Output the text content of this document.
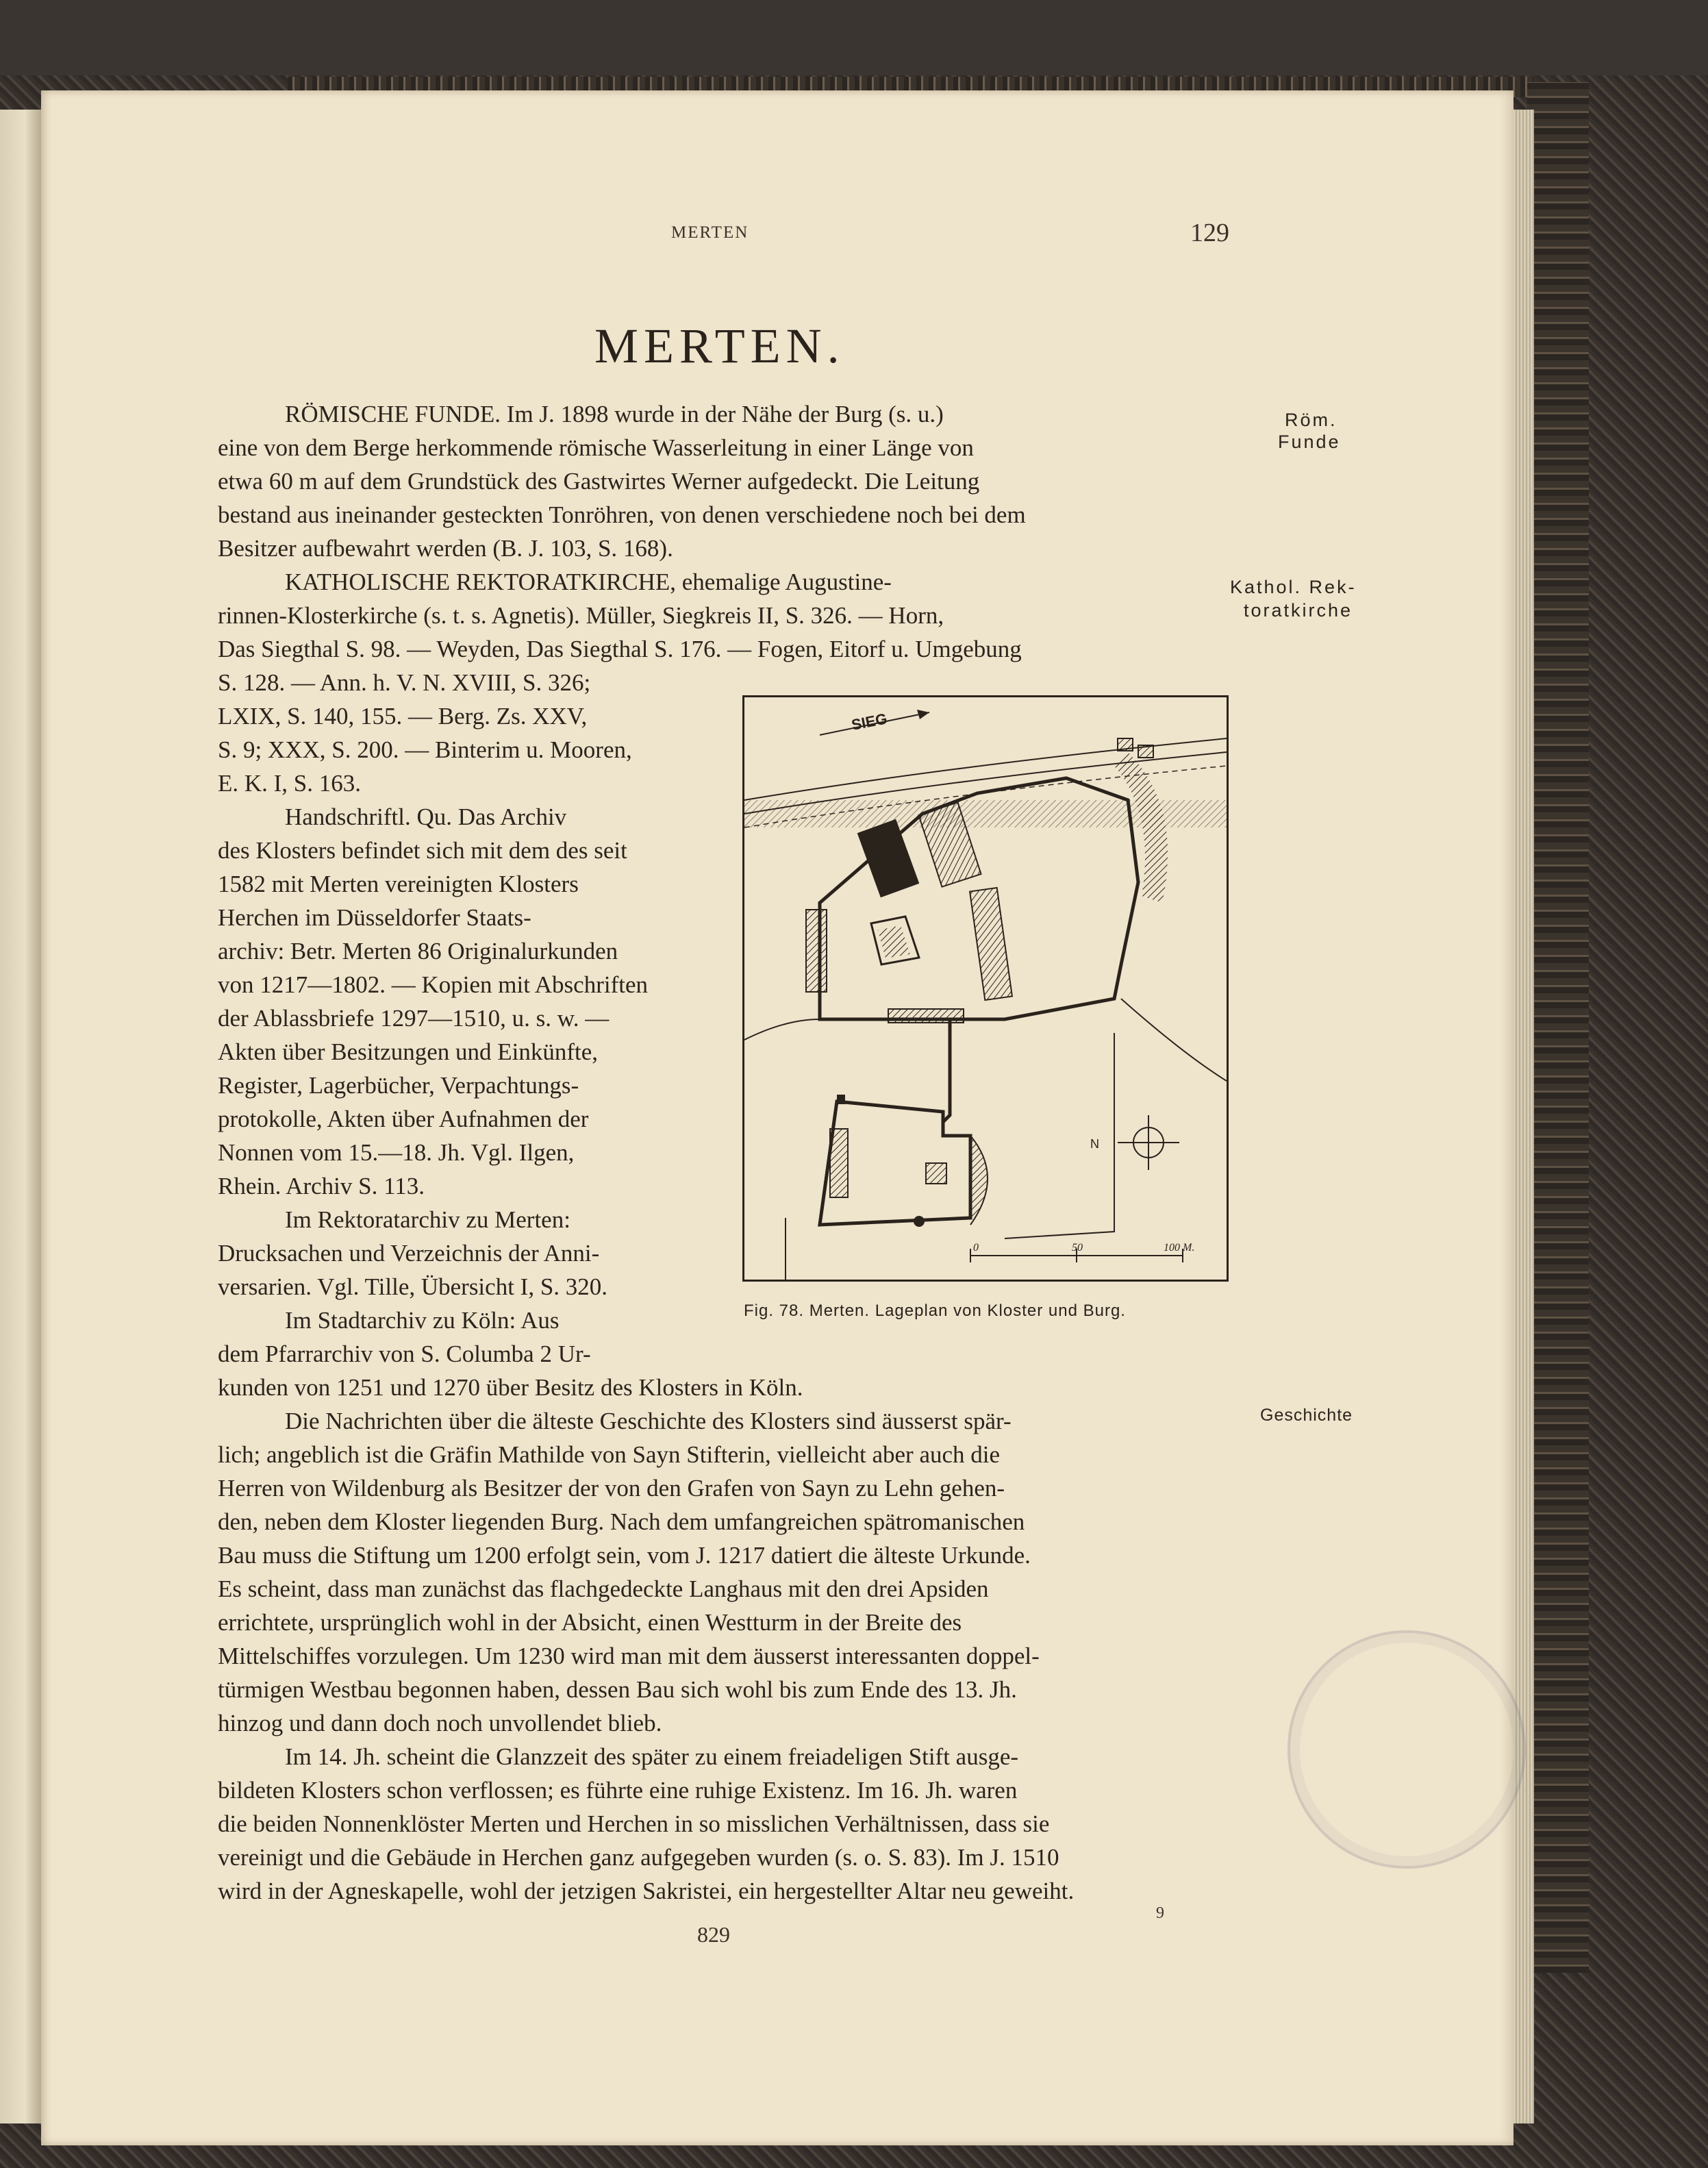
MERTEN	129
MERTEN.
RÖMISCHE FUNDE. Im J. 1898 wurde in der Nähe der Burg (s. u.)
eine von dem Berge herkommende römische Wasserleitung in einer Länge von
etwa 60 m auf dem Grundstück des Gastwirtes Werner aufgedeckt. Die Leitung
bestand aus ineinander gesteckten Tonröhren, von denen verschiedene noch bei dem
Besitzer aufbewahrt werden (B. J. 103, S. 168).
KATHOLISCHE REKTORATKIRCHE, ehemalige Augustine-
rinnen-Klosterkirche (s. t. s. Agnetis). Müller, Siegkreis II, S. 326. — Horn,
Das Siegthal S. 98. — Weyden, Das Siegthal S. 176. — Fogen, Eitorf u. Umgebung
S. 128. — Ann. h. V. N. XVIII, S. 326;
LXIX, S. 140, 155. — Berg. Zs. XXV,
S. 9; XXX, S. 200. — Binterim u. Mooren,
E. K. I, S. 163.
Handschriftl. Qu. Das Archiv
des Klosters befindet sich mit dem des seit
1582 mit Merten vereinigten Klosters
Herchen im Düsseldorfer Staats-
archiv: Betr. Merten 86 Originalurkunden
von 1217—1802. — Kopien mit Abschriften
der Ablassbriefe 1297—1510, u. s. w. —
Akten über Besitzungen und Einkünfte,
Register, Lagerbücher, Verpachtungs-
protokolle, Akten über Aufnahmen der
Nonnen vom 15.—18. Jh. Vgl. Ilgen,
Rhein. Archiv S. 113.
Im Rektoratarchiv zu Merten:
Drucksachen und Verzeichnis der Anni-
versarien. Vgl. Tille, Übersicht I, S. 320.
Im Stadtarchiv zu Köln: Aus
dem Pfarrarchiv von S. Columba 2 Ur-
kunden von 1251 und 1270 über Besitz des Klosters in Köln.
Die Nachrichten über die älteste Geschichte des Klosters sind äusserst spär-
lich; angeblich ist die Gräfin Mathilde von Sayn Stifterin, vielleicht aber auch die
Herren von Wildenburg als Besitzer der von den Grafen von Sayn zu Lehn gehen-
den, neben dem Kloster liegenden Burg. Nach dem umfangreichen spätromanischen
Bau muss die Stiftung um 1200 erfolgt sein, vom J. 1217 datiert die älteste Urkunde.
Es scheint, dass man zunächst das flachgedeckte Langhaus mit den drei Apsiden
errichtete, ursprünglich wohl in der Absicht, einen Westturm in der Breite des
Mittelschiffes vorzulegen. Um 1230 wird man mit dem äusserst interessanten doppel-
türmigen Westbau begonnen haben, dessen Bau sich wohl bis zum Ende des 13. Jh.
hinzog und dann doch noch unvollendet blieb.
Im 14. Jh. scheint die Glanzzeit des später zu einem freiadeligen Stift ausge-
bildeten Klosters schon verflossen; es führte eine ruhige Existenz. Im 16. Jh. waren
die beiden Nonnenklöster Merten und Herchen in so misslichen Verhältnissen, dass sie
vereinigt und die Gebäude in Herchen ganz aufgegeben wurden (s. o. S. 83). Im J. 1510
wird in der Agneskapelle, wohl der jetzigen Sakristei, ein hergestellter Altar neu geweiht.
Röm.
Funde
Kathol. Rek-
toratkirche
Geschichte
SIEG
N
0	50	100 M.
Fig. 78. Merten. Lageplan von Kloster und Burg.
829
9
